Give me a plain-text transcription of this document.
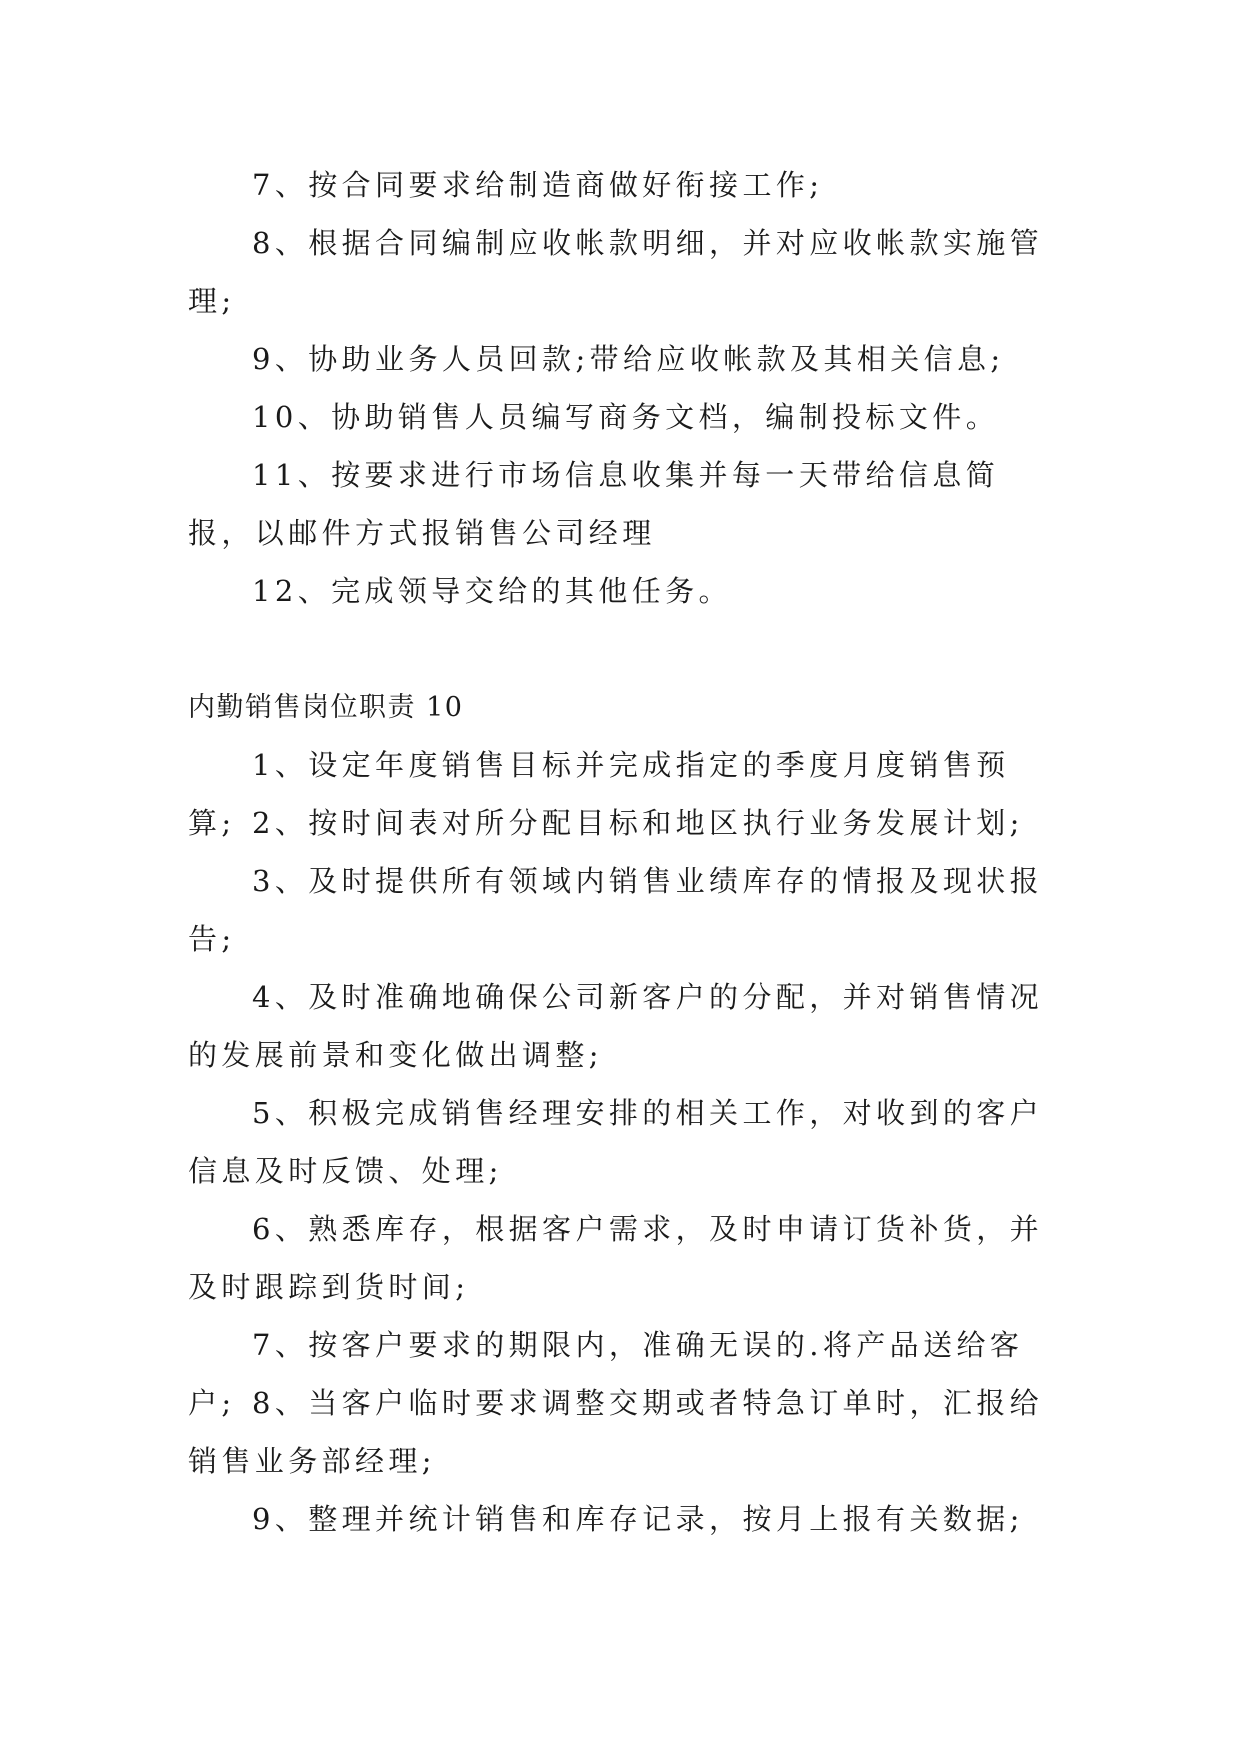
7、按合同要求给制造商做好衔接工作;

8、根据合同编制应收帐款明细，并对应收帐款实施管理;

9、协助业务人员回款;带给应收帐款及其相关信息;

10、协助销售人员编写商务文档，编制投标文件。

11、按要求进行市场信息收集并每一天带给信息简报，以邮件方式报销售公司经理

12、完成领导交给的其他任务。

内勤销售岗位职责 10

1、设定年度销售目标并完成指定的季度月度销售预算; 2、按时间表对所分配目标和地区执行业务发展计划;

3、及时提供所有领域内销售业绩库存的情报及现状报告;

4、及时准确地确保公司新客户的分配，并对销售情况的发展前景和变化做出调整;

5、积极完成销售经理安排的相关工作，对收到的客户信息及时反馈、处理;

6、熟悉库存，根据客户需求，及时申请订货补货，并及时跟踪到货时间;

7、按客户要求的期限内，准确无误的.将产品送给客户; 8、当客户临时要求调整交期或者特急订单时，汇报给销售业务部经理;

9、整理并统计销售和库存记录，按月上报有关数据;
